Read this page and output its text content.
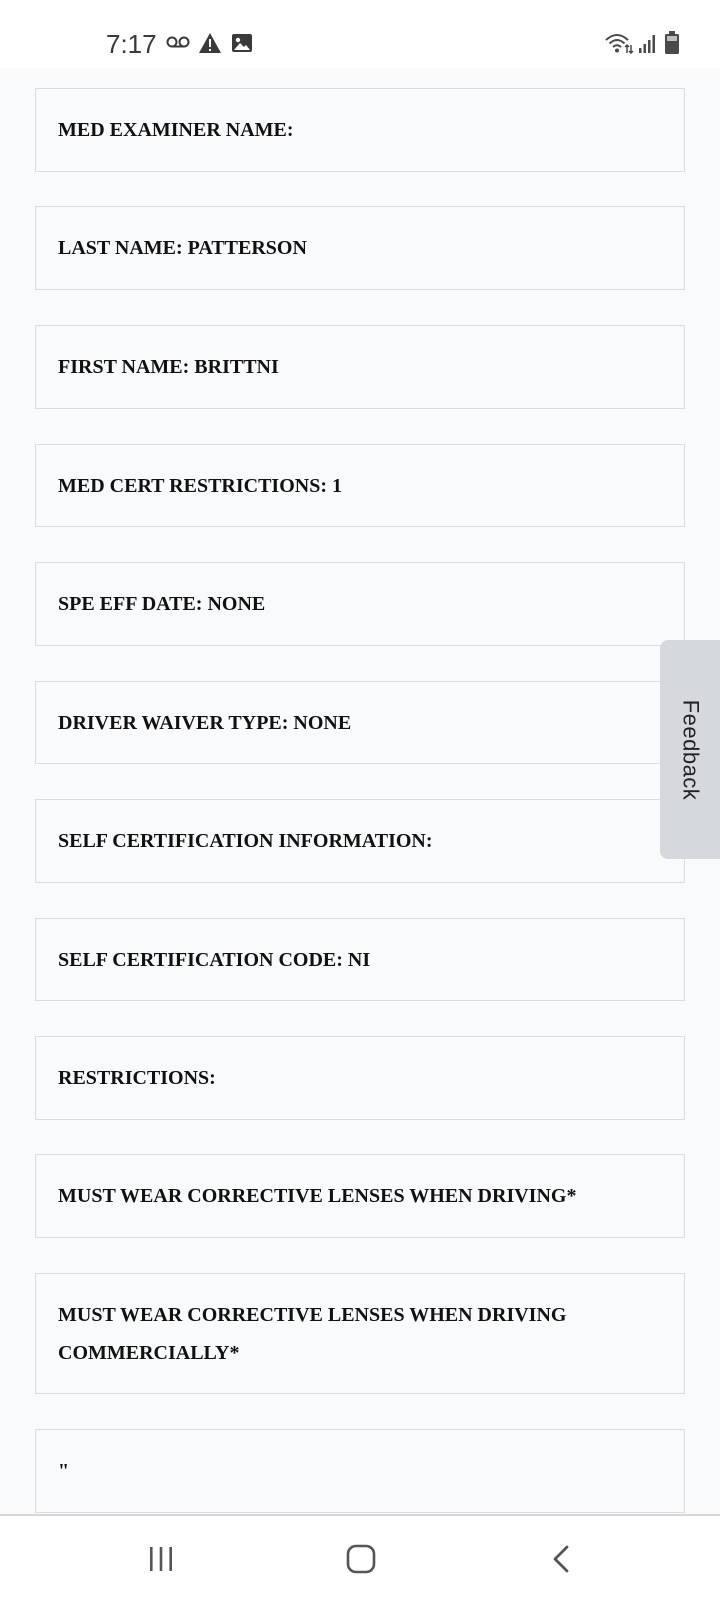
7:17
MED EXAMINER NAME:
LAST NAME: PATTERSON
FIRST NAME: BRITTNI
MED CERT RESTRICTIONS: 1
SPE EFF DATE: NONE
DRIVER WAIVER TYPE: NONE
SELF CERTIFICATION INFORMATION:
SELF CERTIFICATION CODE: NI
RESTRICTIONS:
MUST WEAR CORRECTIVE LENSES WHEN DRIVING*
MUST WEAR CORRECTIVE LENSES WHEN DRIVING COMMERCIALLY*
"
Feedback
